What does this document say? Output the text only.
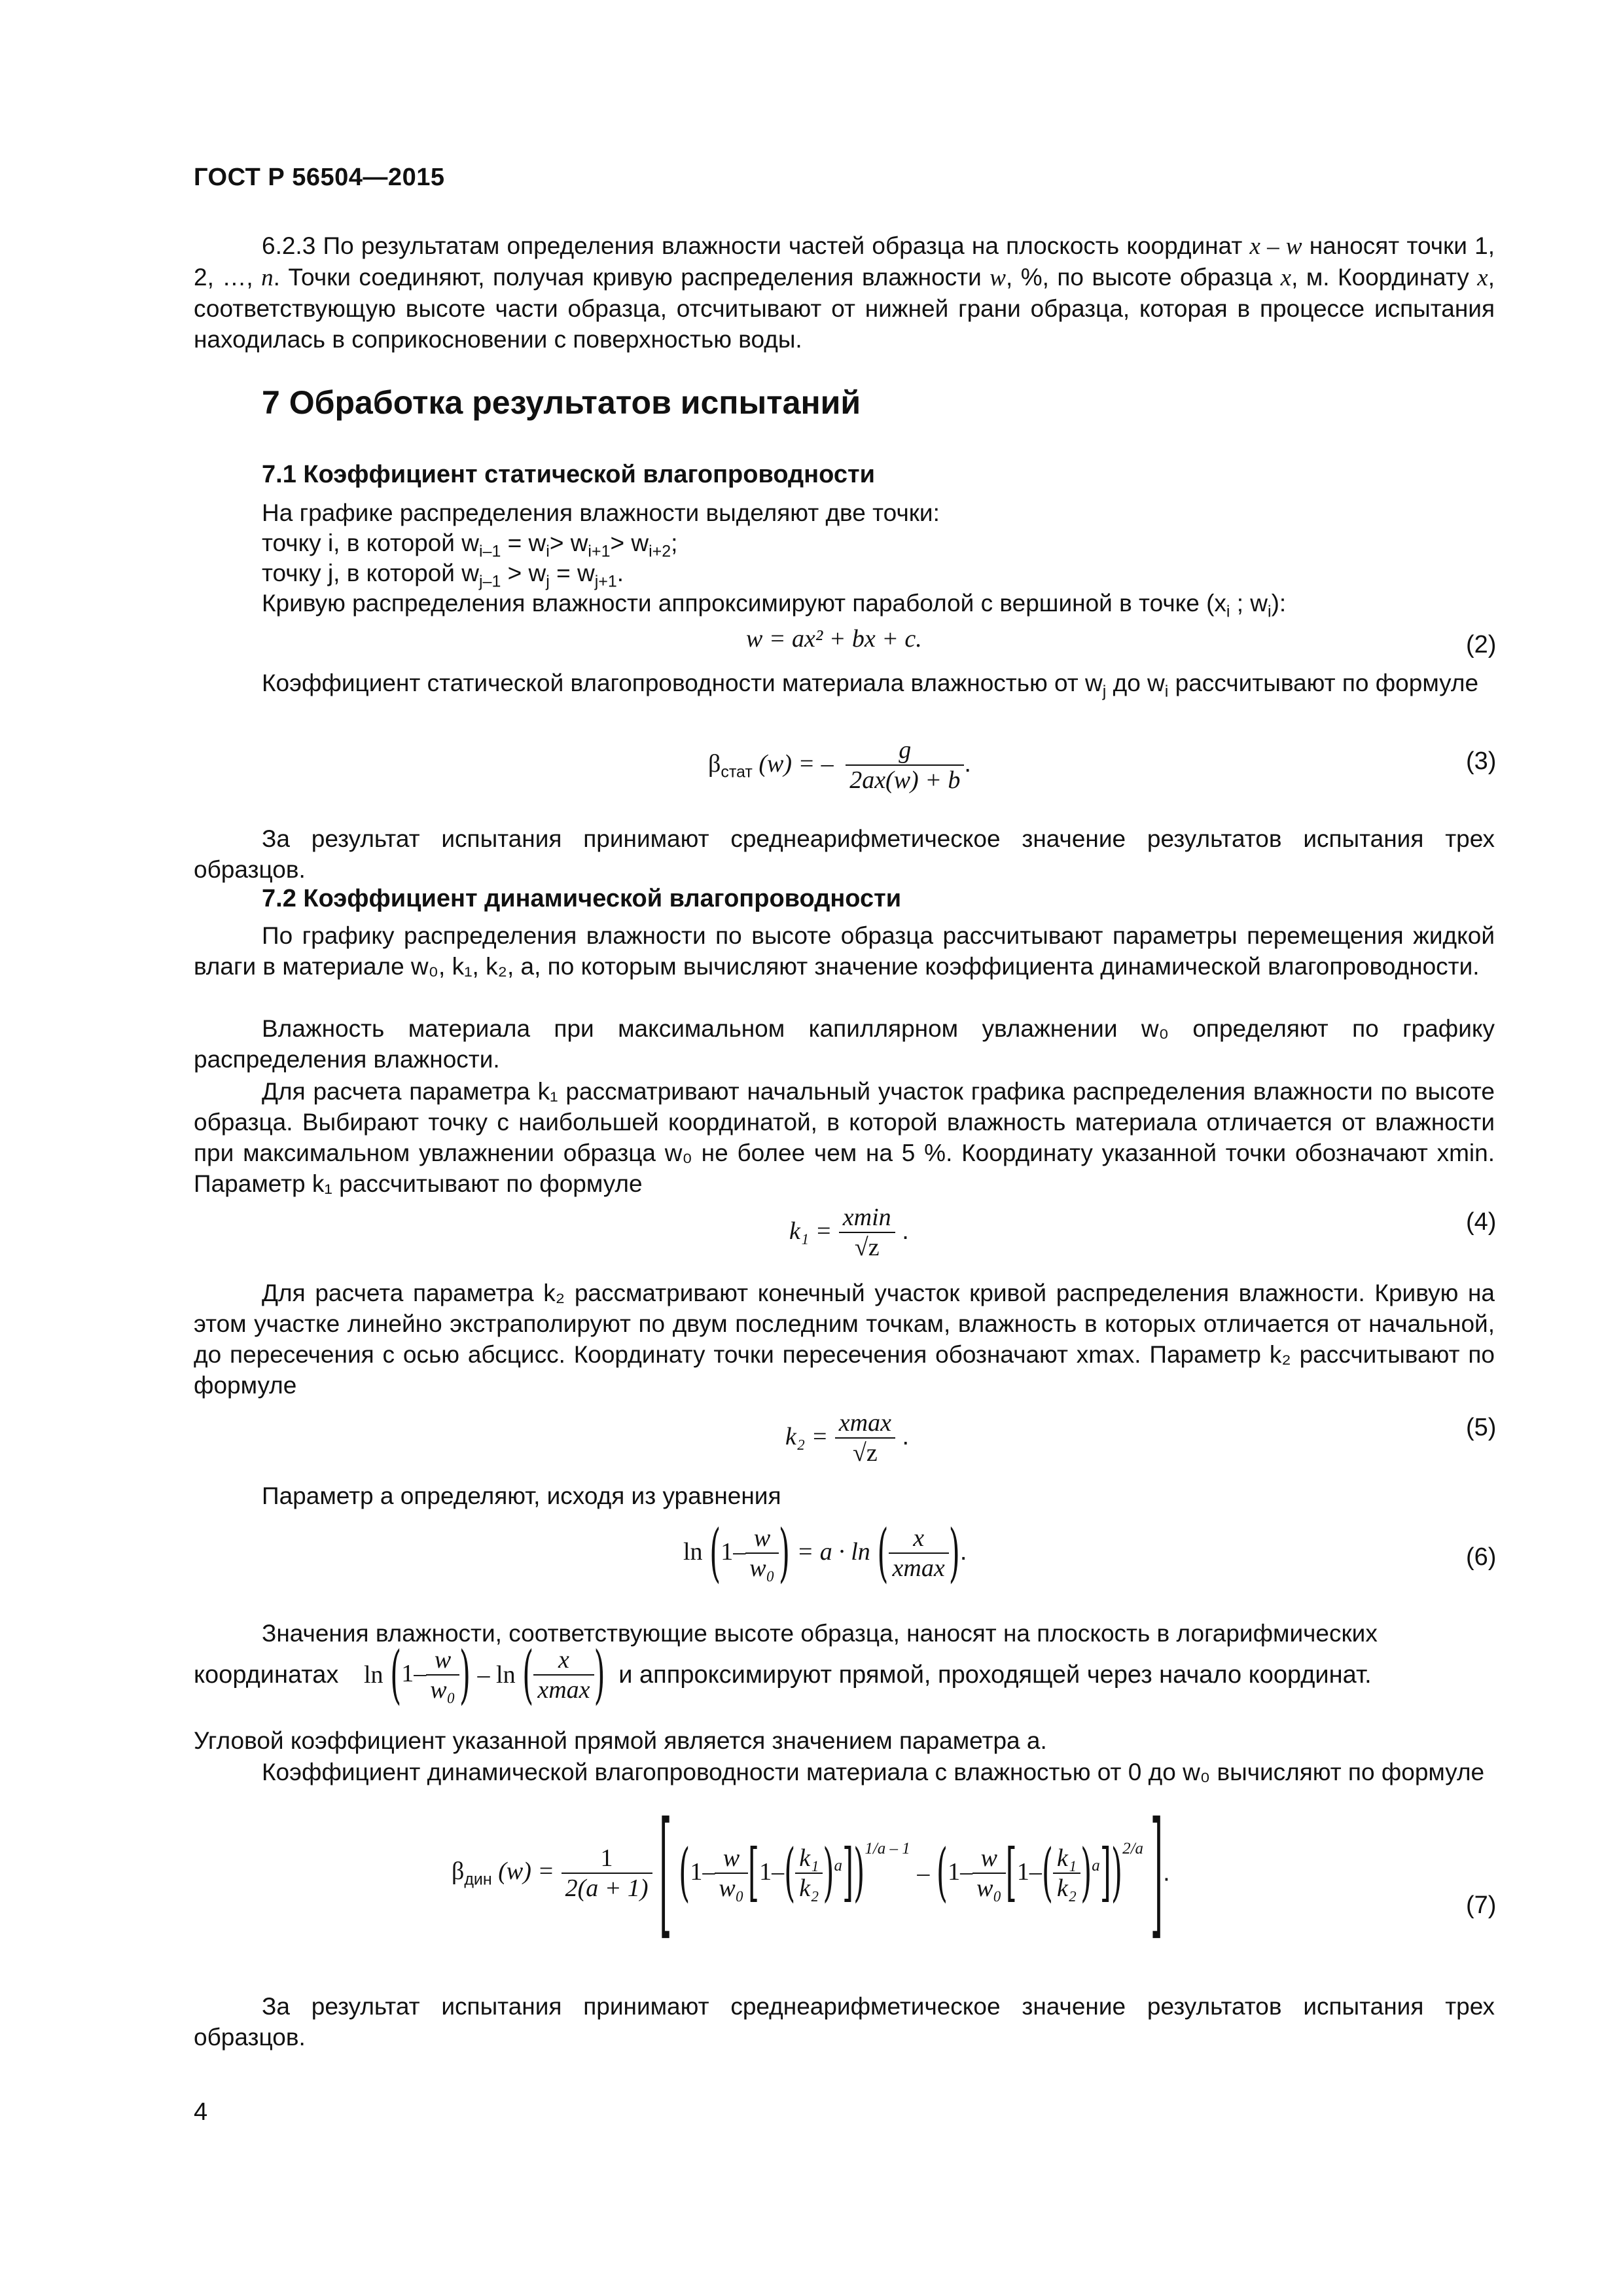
ГОСТ Р 56504—2015
6.2.3 По результатам определения влажности частей образца на плоскость координат x – w наносят точки 1, 2, …, n. Точки соединяют, получая кривую распределения влажности w, %, по высоте образца x, м. Координату x, соответствующую высоте части образца, отсчитывают от нижней грани образца, которая в процессе испытания находилась в соприкосновении с поверхностью воды.
7 Обработка результатов испытаний
7.1 Коэффициент статической влагопроводности
На графике распределения влажности выделяют две точки:
точку i, в которой $w_{i-1} = w_i> w_{i+1}> w_{i+2}$;
точку j, в которой $w_{j-1} > w_j = w_{j+1}$.
Кривую распределения влажности аппроксимируют параболой с вершиной в точке ($x_i$ ; $w_i$):
w = ax² + bx + c.	(2)
Коэффициент статической влагопроводности материала влажностью от $w_j$ до $w_i$ рассчитывают по формуле
$\beta_{стат}$ (w) = – $\frac{g}{2ax(w) + b}$ .	(3)
За результат испытания принимают среднеарифметическое значение результатов испытания трех образцов.
7.2 Коэффициент динамической влагопроводности
По графику распределения влажности по высоте образца рассчитывают параметры перемещения жидкой влаги в материале w₀, k₁, k₂, a, по которым вычисляют значение коэффициента динамической влагопроводности.
Влажность материала при максимальном капиллярном увлажнении w₀ определяют по графику распределения влажности.
Для расчета параметра k₁ рассматривают начальный участок графика распределения влажности по высоте образца. Выбирают точку с наибольшей координатой, в которой влажность материала отличается от влажности при максимальном увлажнении образца w₀ не более чем на 5 %. Координату указанной точки обозначают xmin. Параметр k₁ рассчитывают по формуле
$k_1 = \frac{xmin}{√z}$ .	(4)
Для расчета параметра k₂ рассматривают конечный участок кривой распределения влажности. Кривую на этом участке линейно экстраполируют по двум последним точкам, влажность в которых отличается от начальной, до пересечения с осью абсцисс. Координату точки пересечения обозначают xmax. Параметр k₂ рассчитывают по формуле
$k_2 = \frac{xmax}{√z}$ .	(5)
Параметр a определяют, исходя из уравнения
$\ln (1- \frac{w}{\text{w₀}}$ ) = a · ln ( $\frac{x}{xmax}$ ).	(6)
Значения влажности, соответствующие высоте образца, наносят на плоскость в логарифмических
координатах $\ln (1- \frac{w}{\text{w₀}}$ ) – ln ( $\frac{x}{xmax}$ ) и аппроксимируют прямой, проходящей через начало координат.
Угловой коэффициент указанной прямой является значением параметра a.
Коэффициент динамической влагопроводности материала с влажностью от 0 до w₀ вычисляют по формуле
$\beta_{дин}$ $(w) = \frac{1}{2(a + 1)}$ [ $(1- \frac{w}{\text{w₀}} [1-( \frac{\text{k₁}}{\text{k₂}} )^a])^{1/a - 1} - (1- \frac{w}{\text{w₀}} [1-( \frac{\text{k₁}}{\text{k₂}} )^a])^{2/a}$ ].
(7)
За результат испытания принимают среднеарифметическое значение результатов испытания трех образцов.
4
